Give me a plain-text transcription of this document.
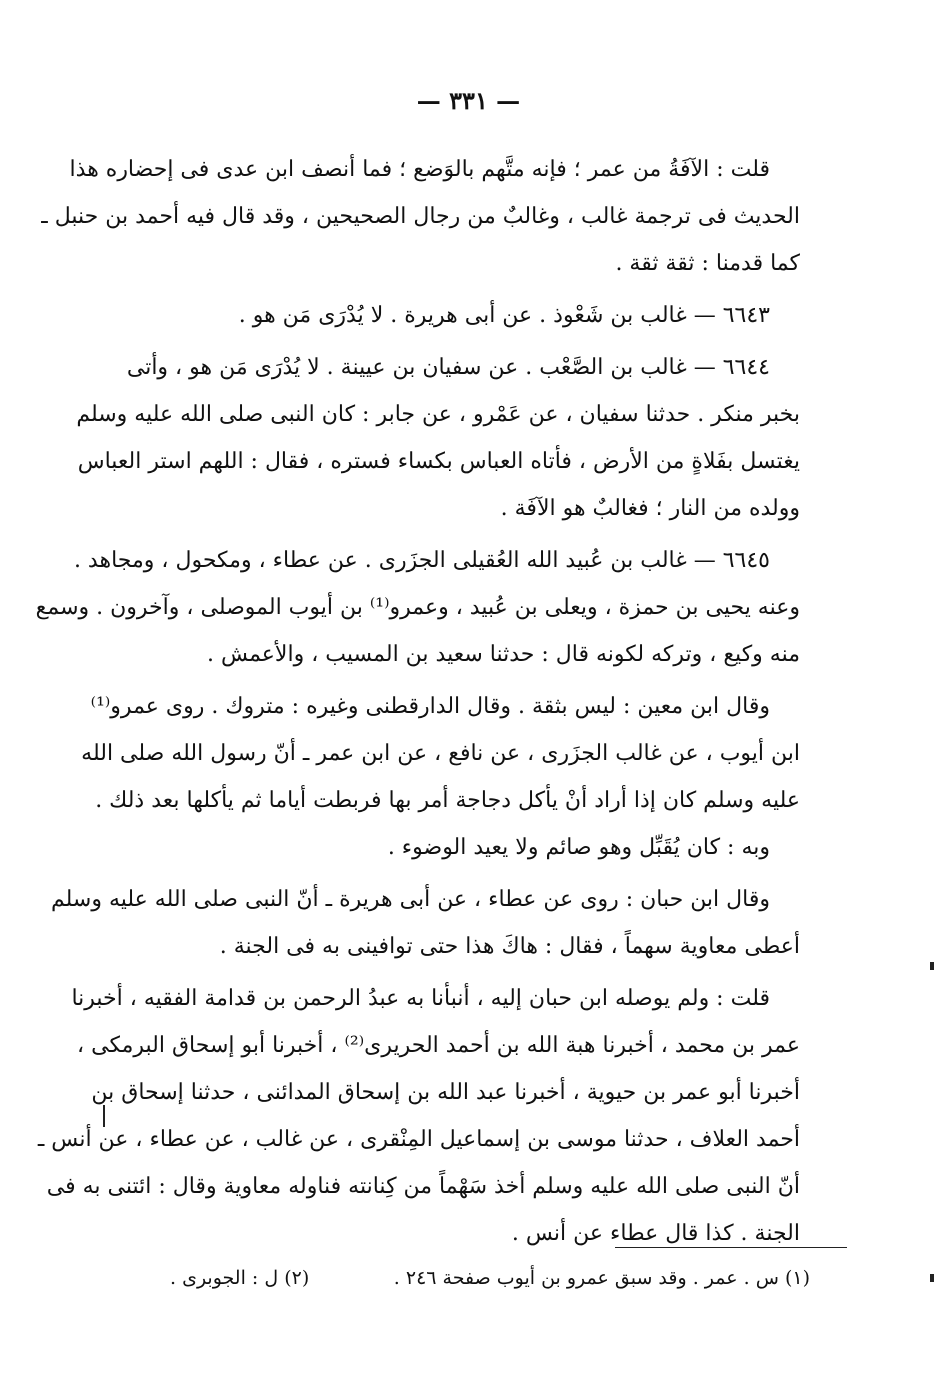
— ٣٣١ —
قلت : الآفَةُ من عمر ؛ فإنه متَّهم بالوَضع ؛ فما أنصف ابن عدى فى إحضاره هذا
الحديث فى ترجمة غالب ، وغالبٌ من رجال الصحيحين ، وقد قال فيه أحمد بن حنبل ـ
كما قدمنا : ثقة ثقة .
٦٦٤٣ — غالب بن شَعْوذ . عن أبى هريرة . لا يُدْرَى مَن هو .
٦٦٤٤ — غالب بن الصَّعْب . عن سفيان بن عيينة . لا يُدْرَى مَن هو ، وأتى
بخبر منكر . حدثنا سفيان ، عن عَمْرو ، عن جابر : كان النبى صلى الله عليه وسلم
يغتسل بفَلاةٍ من الأرض ، فأتاه العباس بكساء فستره ، فقال : اللهم استر العباس
وولده من النار ؛ فغالبٌ هو الآفَة .
٦٦٤٥ — غالب بن عُبيد الله العُقيلى الجزَرى . عن عطاء ، ومكحول ، ومجاهد .
وعنه يحيى بن حمزة ، ويعلى بن عُبيد ، وعمرو⁽¹⁾ بن أيوب الموصلى ، وآخرون . وسمع
منه وكيع ، وتركه لكونه قال : حدثنا سعيد بن المسيب ، والأعمش .
وقال ابن معين : ليس بثقة . وقال الدارقطنى وغيره : متروك . روى عمرو⁽¹⁾
ابن أيوب ، عن غالب الجزَرى ، عن نافع ، عن ابن عمر ـ أنّ رسول الله صلى الله
عليه وسلم كان إذا أراد أنْ يأكل دجاجة أمر بها فربطت أياما ثم يأكلها بعد ذلك .
وبه : كان يُقَبِّل وهو صائم ولا يعيد الوضوء .
وقال ابن حبان : روى عن عطاء ، عن أبى هريرة ـ أنّ النبى صلى الله عليه وسلم
أعطى معاوية سهماً ، فقال : هاكَ هذا حتى توافينى به فى الجنة .
قلت : ولم يوصله ابن حبان إليه ، أنبأنا به عبدُ الرحمن بن قدامة الفقيه ، أخبرنا
عمر بن محمد ، أخبرنا هبة الله بن أحمد الحريرى⁽²⁾ ، أخبرنا أبو إسحاق البرمكى ،
أخبرنا أبو عمر بن حيوية ، أخبرنا عبد الله بن إسحاق المدائنى ، حدثنا إسحاق بن
أحمد العلاف ، حدثنا موسى بن إسماعيل المِنْقرى ، عن غالب ، عن عطاء ، عن أنس ـ
أنّ النبى صلى الله عليه وسلم أخذ سَهْماً من كِنانته فناوله معاوية وقال : ائتنى به فى
الجنة . كذا قال عطاء عن أنس .
(١) س . عمر . وقد سبق عمرو بن أيوب صفحة ٢٤٦ .
(٢) ل : الجوبرى .
